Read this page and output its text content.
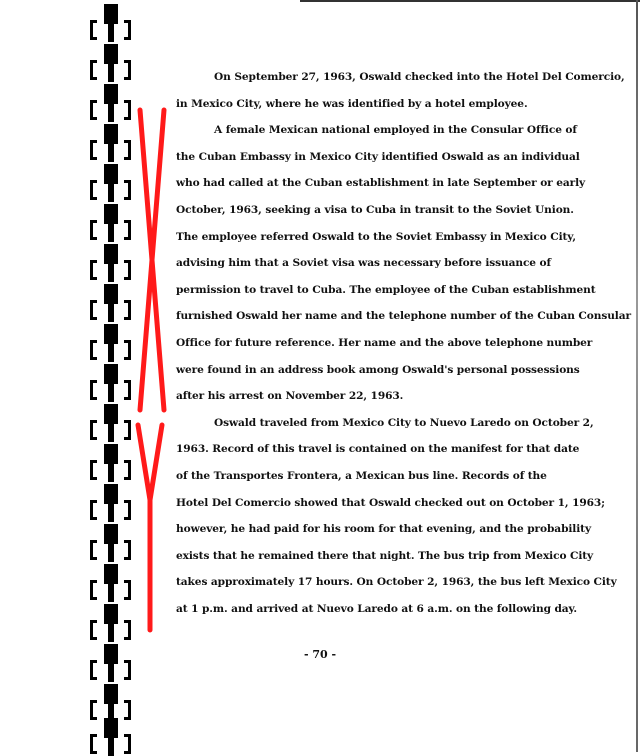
On September 27, 1963, Oswald checked into the Hotel Del Comercio,
in Mexico City, where he was identified by a hotel employee.

A female Mexican national employed in the Consular Office of
the Cuban Embassy in Mexico City identified Oswald as an individual
who had called at the Cuban establishment in late September or early
October, 1963, seeking a visa to Cuba in transit to the Soviet Union.
The employee referred Oswald to the Soviet Embassy in Mexico City,
advising him that a Soviet visa was necessary before issuance of
permission to travel to Cuba. The employee of the Cuban establishment
furnished Oswald her name and the telephone number of the Cuban Consular
Office for future reference. Her name and the above telephone number
were found in an address book among Oswald's personal possessions
after his arrest on November 22, 1963.

Oswald traveled from Mexico City to Nuevo Laredo on October 2,
1963. Record of this travel is contained on the manifest for that date
of the Transportes Frontera, a Mexican bus line. Records of the
Hotel Del Comercio showed that Oswald checked out on October 1, 1963;
however, he had paid for his room for that evening, and the probability
exists that he remained there that night. The bus trip from Mexico City
takes approximately 17 hours. On October 2, 1963, the bus left Mexico City
at 1 p.m. and arrived at Nuevo Laredo at 6 a.m. on the following day.

- 70 -
